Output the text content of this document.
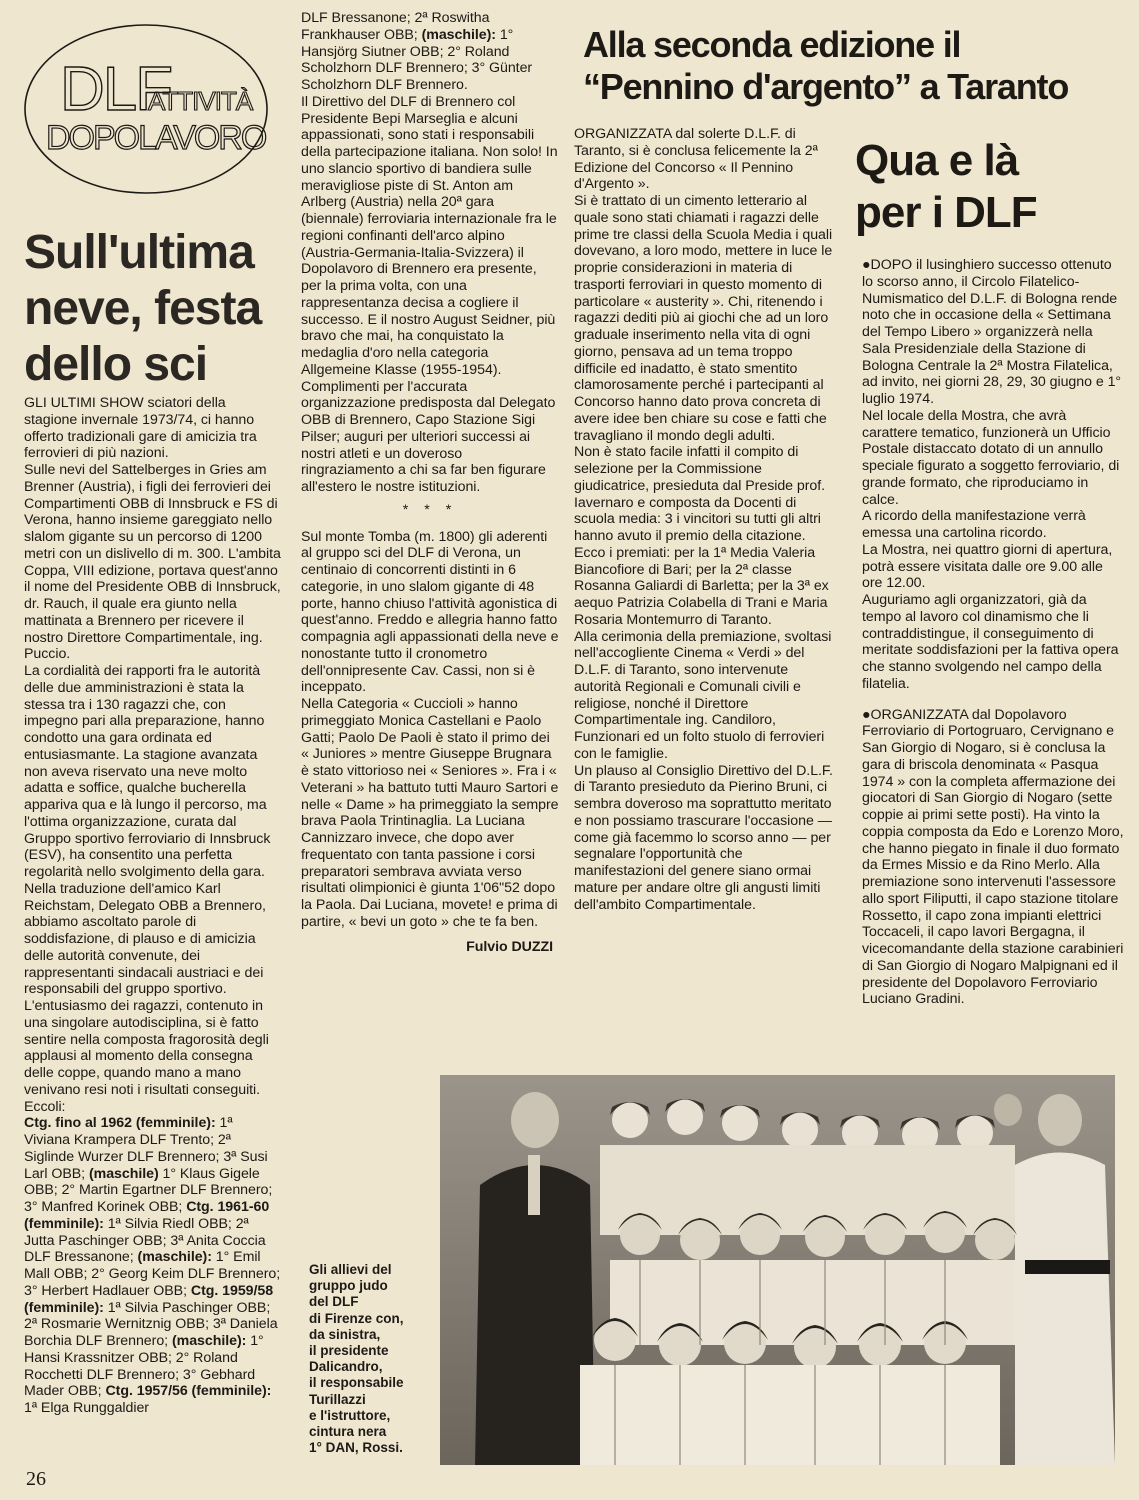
DLF
ATTIVITÀ
DOPOLAVORO
Sull'ultima
neve, festa
dello sci

GLI ULTIMI SHOW sciatori della stagione invernale 1973/74, ci hanno offerto tradizionali gare di amicizia tra ferrovieri di più nazioni.

Sulle nevi del Sattelberges in Gries am Brenner (Austria), i figli dei ferrovieri dei Compartimenti OBB di Innsbruck e FS di Verona, hanno insieme gareggiato nello slalom gigante su un percorso di 1200 metri con un dislivello di m. 300. L'ambita Coppa, VIII edizione, portava quest'anno il nome del Presidente OBB di Innsbruck, dr. Rauch, il quale era giunto nella mattinata a Brennero per ricevere il nostro Direttore Compartimentale, ing. Puccio.

La cordialità dei rapporti fra le autorità delle due amministrazioni è stata la stessa tra i 130 ragazzi che, con impegno pari alla preparazione, hanno condotto una gara ordinata ed entusiasmante. La stagione avanzata non aveva riservato una neve molto adatta e soffice, qualche buchereIla appariva qua e là lungo il percorso, ma l'ottima organizzazione, curata dal Gruppo sportivo ferroviario di Innsbruck (ESV), ha consentito una perfetta regolarità nello svolgimento della gara. Nella traduzione dell'amico Karl Reichstam, Delegato OBB a Brennero, abbiamo ascoltato parole di soddisfazione, di plauso e di amicizia delle autorità convenute, dei rappresentanti sindacali austriaci e dei responsabili del gruppo sportivo. L'entusiasmo dei ragazzi, contenuto in una singolare autodisciplina, si è fatto sentire nella composta fragorosità degli applausi al momento della consegna delle coppe, quando mano a mano venivano resi noti i risultati conseguiti. Eccoli:

Ctg. fino al 1962 (femminile): 1ª Viviana Krampera DLF Trento; 2ª Siglinde Wurzer DLF Brennero; 3ª Susi Larl OBB; (maschile) 1° Klaus Gigele OBB; 2° Martin Egartner DLF Brennero; 3° Manfred Korinek OBB; Ctg. 1961-60 (femminile): 1ª Silvia Riedl OBB; 2ª Jutta Paschinger OBB; 3ª Anita Coccia DLF Bressanone; (maschile): 1° Emil Mall OBB; 2° Georg Keim DLF Brennero; 3° Herbert Hadlauer OBB; Ctg. 1959/58 (femminile): 1ª Silvia Paschinger OBB; 2ª Rosmarie Wernitznig OBB; 3ª Daniela Borchia DLF Brennero; (maschile): 1° Hansi Krassnitzer OBB; 2° Roland Rocchetti DLF Brennero; 3° Gebhard Mader OBB; Ctg. 1957/56 (femminile): 1ª Elga Runggaldier

DLF Bressanone; 2ª Roswitha Frankhauser OBB; (maschile): 1° Hansjörg Siutner OBB; 2° Roland Scholzhorn DLF Brennero; 3° Günter Scholzhorn DLF Brennero.

Il Direttivo del DLF di Brennero col Presidente Bepi Marseglia e alcuni appassionati, sono stati i responsabili della partecipazione italiana. Non solo! In uno slancio sportivo di bandiera sulle meravigliose piste di St. Anton am Arlberg (Austria) nella 20ª gara (biennale) ferroviaria internazionale fra le regioni confinanti dell'arco alpino (Austria-Germania-Italia-Svizzera) il Dopolavoro di Brennero era presente, per la prima volta, con una rappresentanza decisa a cogliere il successo. E il nostro August Seidner, più bravo che mai, ha conquistato la medaglia d'oro nella categoria Allgemeine Klasse (1955-1954). Complimenti per l'accurata organizzazione predisposta dal Delegato OBB di Brennero, Capo Stazione Sigi Pilser; auguri per ulteriori successi ai nostri atleti e un doveroso ringraziamento a chi sa far ben figurare all'estero le nostre istituzioni.

* * *

Sul monte Tomba (m. 1800) gli aderenti al gruppo sci del DLF di Verona, un centinaio di concorrenti distinti in 6 categorie, in uno slalom gigante di 48 porte, hanno chiuso l'attività agonistica di quest'anno. Freddo e allegria hanno fatto compagnia agli appassionati della neve e nonostante tutto il cronometro dell'onnipresente Cav. Cassi, non si è inceppato.

Nella Categoria « Cuccioli » hanno primeggiato Monica Castellani e Paolo Gatti; Paolo De Paoli è stato il primo dei « Juniores » mentre Giuseppe Brugnara è stato vittorioso nei « Seniores ». Fra i « Veterani » ha battuto tutti Mauro Sartori e nelle « Dame » ha primeggiato la sempre brava Paola Trintinaglia. La Luciana Cannizzaro invece, che dopo aver frequentato con tanta passione i corsi preparatori sembrava avviata verso risultati olimpionici è giunta 1'06"52 dopo la Paola. Dai Luciana, movete! e prima di partire, « bevi un goto » che te fa ben.

Fulvio DUZZI
Alla seconda edizione il
“Pennino d'argento” a Taranto

ORGANIZZATA dal solerte D.L.F. di Taranto, si è conclusa felicemente la 2ª Edizione del Concorso « Il Pennino d'Argento ».

Si è trattato di un cimento letterario al quale sono stati chiamati i ragazzi delle prime tre classi della Scuola Media i quali dovevano, a loro modo, mettere in luce le proprie considerazioni in materia di trasporti ferroviari in questo momento di particolare « austerity ». Chi, ritenendo i ragazzi dediti più ai giochi che ad un loro graduale inserimento nella vita di ogni giorno, pensava ad un tema troppo difficile ed inadatto, è stato smentito clamorosamente perché i partecipanti al Concorso hanno dato prova concreta di avere idee ben chiare su cose e fatti che travagliano il mondo degli adulti.

Non è stato facile infatti il compito di selezione per la Commissione giudicatrice, presieduta dal Preside prof. Iavernaro e composta da Docenti di scuola media: 3 i vincitori su tutti gli altri hanno avuto il premio della citazione.

Ecco i premiati: per la 1ª Media Valeria Biancofiore di Bari; per la 2ª classe Rosanna Galiardi di Barletta; per la 3ª ex aequo Patrizia Colabella di Trani e Maria Rosaria Montemurro di Taranto.

Alla cerimonia della premiazione, svoltasi nell'accogliente Cinema « Verdi » del D.L.F. di Taranto, sono intervenute autorità Regionali e Comunali civili e religiose, nonché il Direttore Compartimentale ing. Candiloro, Funzionari ed un folto stuolo di ferrovieri con le famiglie.

Un plauso al Consiglio Direttivo del D.L.F. di Taranto presieduto da Pierino Bruni, ci sembra doveroso ma soprattutto meritato e non possiamo trascurare l'occasione — come già facemmo lo scorso anno — per segnalare l'opportunità che manifestazioni del genere siano ormai mature per andare oltre gli angusti limiti dell'ambito Compartimentale.

Qua e là
per i DLF

● DOPO il lusinghiero successo ottenuto lo scorso anno, il Circolo Filatelico-Numismatico del D.L.F. di Bologna rende noto che in occasione della « Settimana del Tempo Libero » organizzerà nella Sala Presidenziale della Stazione di Bologna Centrale la 2ª Mostra Filatelica, ad invito, nei giorni 28, 29, 30 giugno e 1° luglio 1974.

Nel locale della Mostra, che avrà carattere tematico, funzionerà un Ufficio Postale distaccato dotato di un annullo speciale figurato a soggetto ferroviario, di grande formato, che riproduciamo in calce.

A ricordo della manifestazione verrà emessa una cartolina ricordo.

La Mostra, nei quattro giorni di apertura, potrà essere visitata dalle ore 9.00 alle ore 12.00.

Auguriamo agli organizzatori, già da tempo al lavoro col dinamismo che li contraddistingue, il conseguimento di meritate soddisfazioni per la fattiva opera che stanno svolgendo nel campo della filatelia.

● ORGANIZZATA dal Dopolavoro Ferroviario di Portogruaro, Cervignano e San Giorgio di Nogaro, si è conclusa la gara di briscola denominata « Pasqua 1974 » con la completa affermazione dei giocatori di San Giorgio di Nogaro (sette coppie ai primi sette posti). Ha vinto la coppia composta da Edo e Lorenzo Moro, che hanno piegato in finale il duo formato da Ermes Missio e da Rino Merlo. Alla premiazione sono intervenuti l'assessore allo sport Filiputti, il capo stazione titolare Rossetto, il capo zona impianti elettrici Toccaceli, il capo lavori Bergagna, il vicecomandante della stazione carabinieri di San Giorgio di Nogaro Malpignani ed il presidente del Dopolavoro Ferroviario Luciano Gradini.

Gli allievi del
gruppo judo
del DLF
di Firenze con,
da sinistra,
il presidente
Dalicandro,
il responsabile
Turillazzi
e l'istruttore,
cintura nera
1° DAN, Rossi.
26
